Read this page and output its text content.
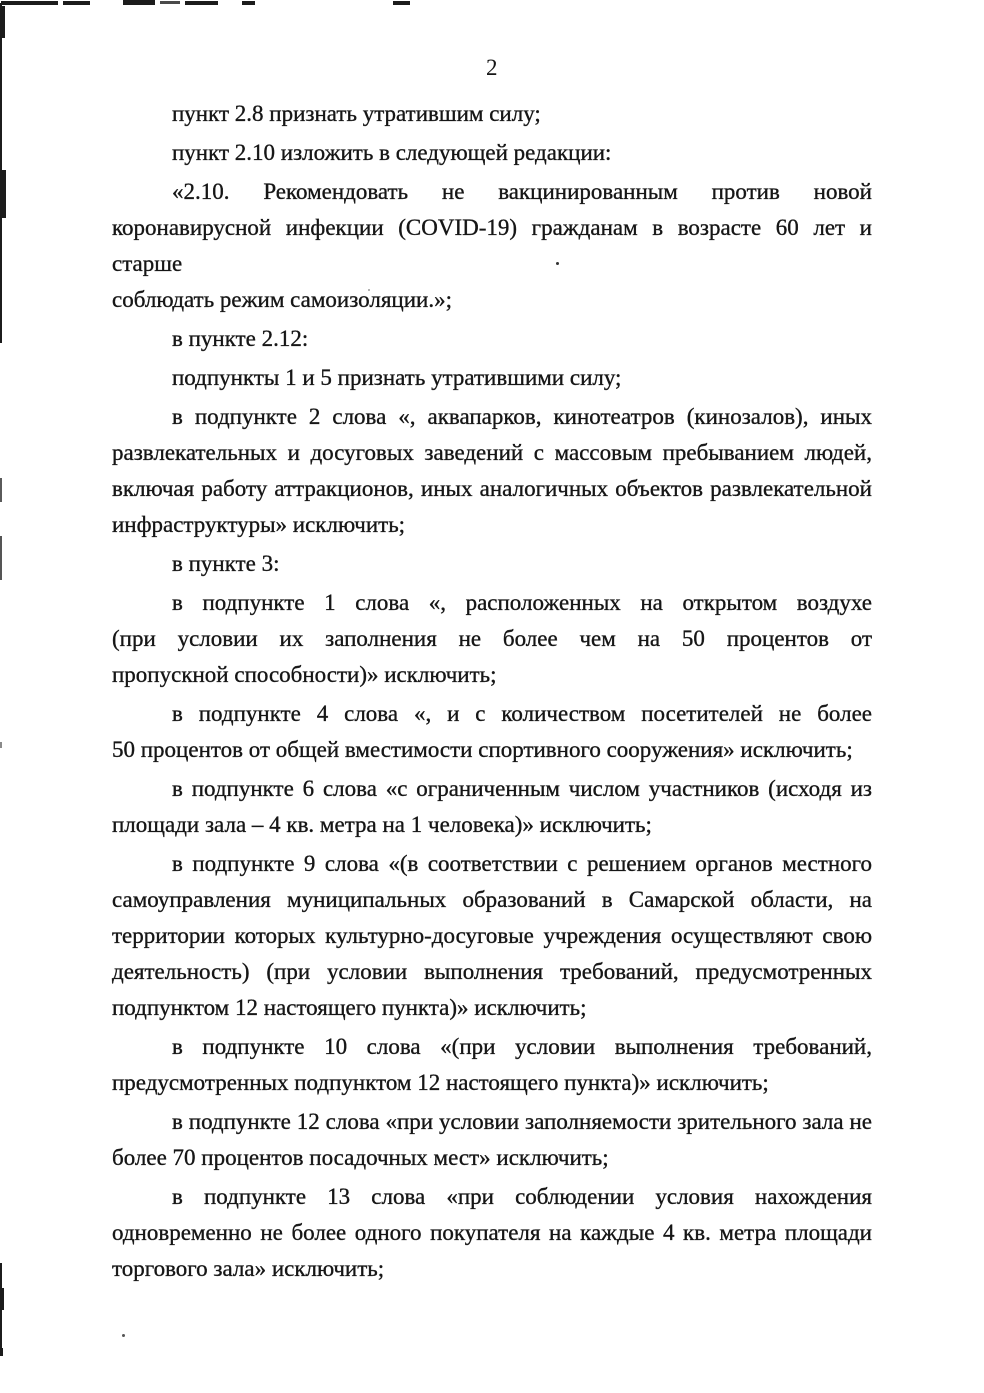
2

пункт 2.8 признать утратившим силу;

пункт 2.10 изложить в следующей редакции:

«2.10. Рекомендовать не вакцинированным против новой
коронавирусной инфекции (COVID-19) гражданам в возрасте 60 лет и старше
соблюдать режим самоизоляции.»;

в пункте 2.12:

подпункты 1 и 5 признать утратившими силу;

в подпункте 2 слова «, аквапарков, кинотеатров (кинозалов), иных
развлекательных и досуговых заведений с массовым пребыванием людей,
включая работу аттракционов, иных аналогичных объектов развлекательной
инфраструктуры» исключить;

в пункте 3:

в подпункте 1 слова «, расположенных на открытом воздухе
(при условии их заполнения не более чем на 50 процентов от
пропускной способности)» исключить;

в подпункте 4 слова «, и с количеством посетителей не более
50 процентов от общей вместимости спортивного сооружения» исключить;

в подпункте 6 слова «с ограниченным числом участников (исходя из
площади зала – 4 кв. метра на 1 человека)» исключить;

в подпункте 9 слова «(в соответствии с решением органов местного
самоуправления муниципальных образований в Самарской области, на
территории которых культурно-досуговые учреждения осуществляют свою
деятельность) (при условии выполнения требований, предусмотренных
подпунктом 12 настоящего пункта)» исключить;

в подпункте 10 слова «(при условии выполнения требований,
предусмотренных подпунктом 12 настоящего пункта)» исключить;

в подпункте 12 слова «при условии заполняемости зрительного зала не
более 70 процентов посадочных мест» исключить;

в подпункте 13 слова «при соблюдении условия нахождения
одновременно не более одного покупателя на каждые 4 кв. метра площади
торгового зала» исключить;
